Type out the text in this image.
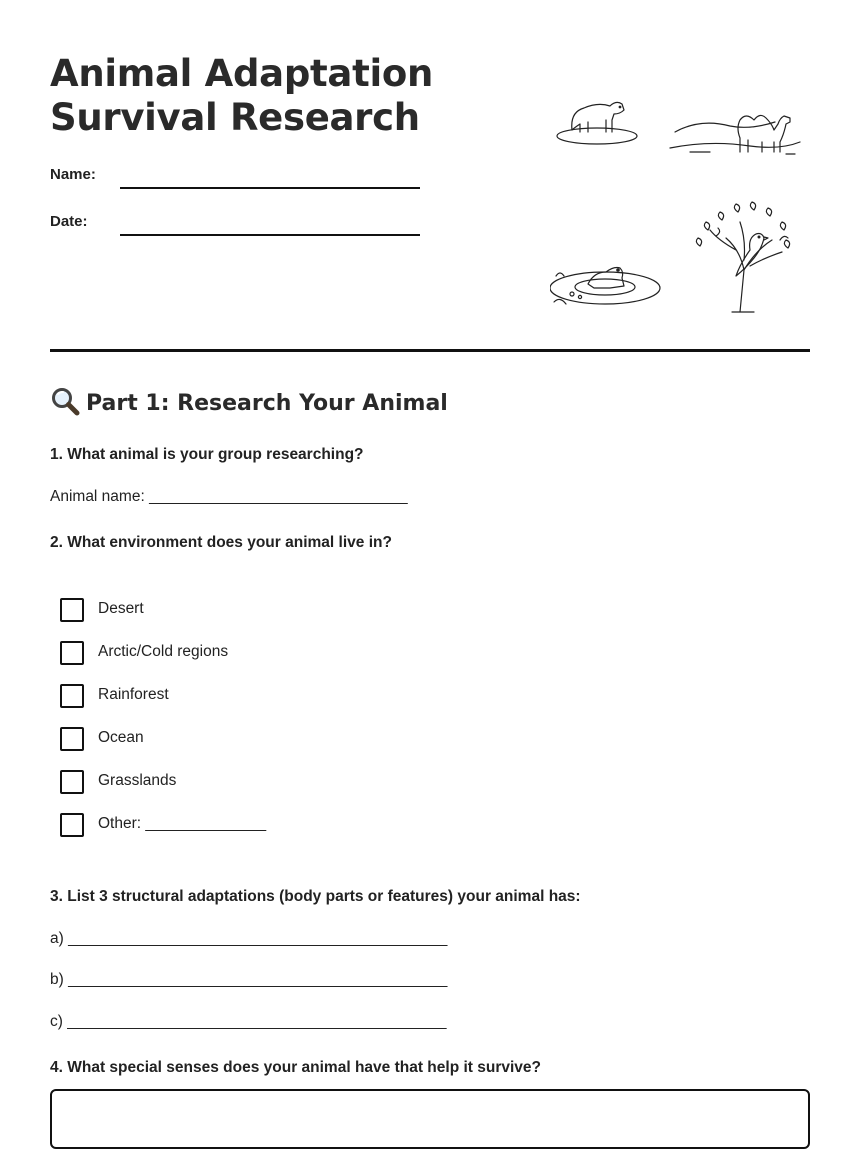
Animal Adaptation
Survival Research
Name:
Date:
Part 1: Research Your Animal
1. What animal is your group researching?
Animal name: ______________________________
2. What environment does your animal live in?
Desert
Arctic/Cold regions
Rainforest
Ocean
Grasslands
Other: ______________
3. List 3 structural adaptations (body parts or features) your animal has:
a) ____________________________________________
b) ____________________________________________
c) ____________________________________________
4. What special senses does your animal have that help it survive?
